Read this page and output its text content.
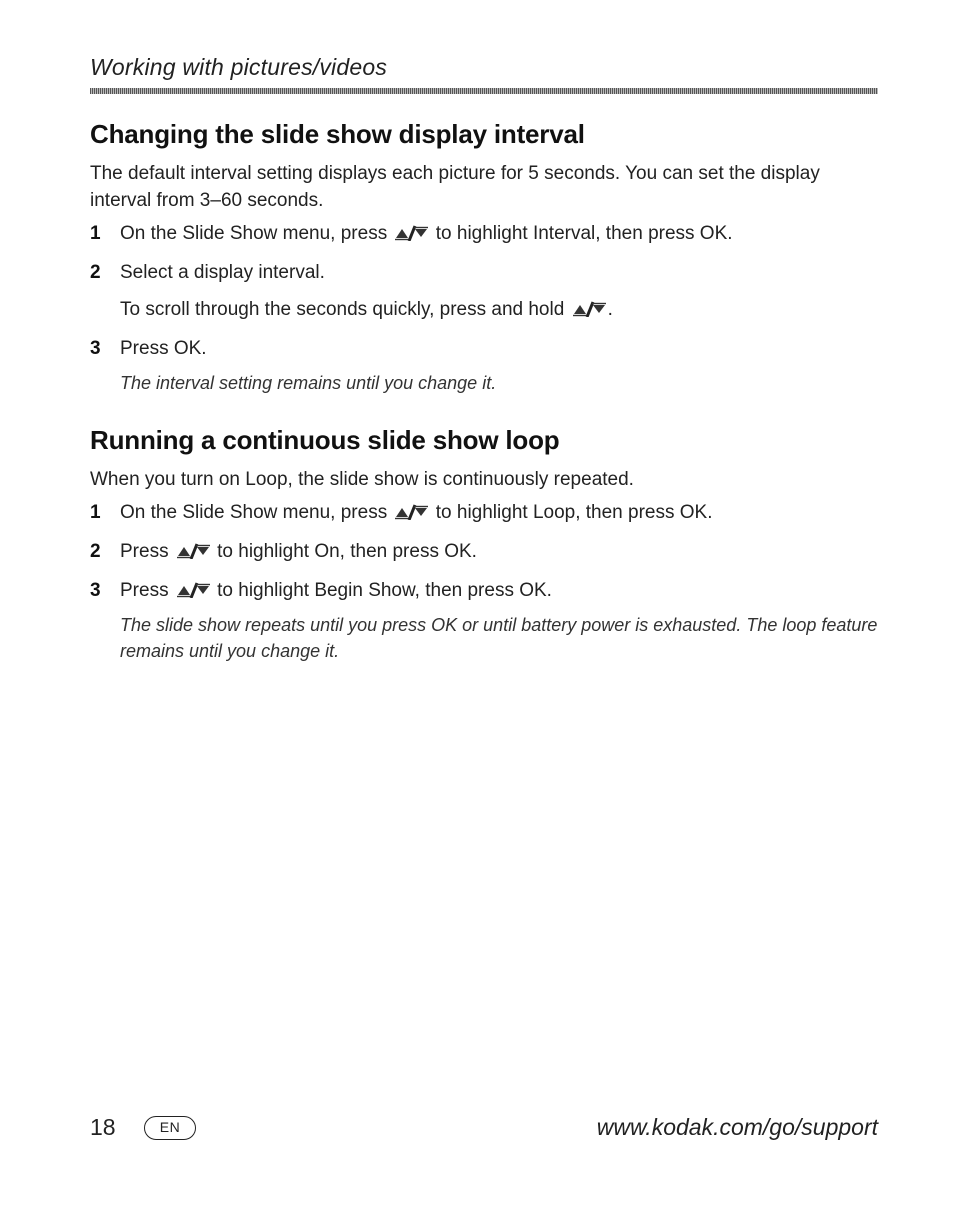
Working with pictures/videos
Changing the slide show display interval

The default interval setting displays each picture for 5 seconds. You can set the display interval from 3–60 seconds.

1 On the Slide Show menu, press	to highlight Interval, then press OK.
2 Select a display interval.
To scroll through the seconds quickly, press and hold .
3 Press OK.

The interval setting remains until you change it.

Running a continuous slide show loop

When you turn on Loop, the slide show is continuously repeated.

1 On the Slide Show menu, press	to highlight Loop, then press OK.
2 Press	to highlight On, then press OK.
3 Press	to highlight Begin Show, then press OK.

The slide show repeats until you press OK or until battery power is exhausted. The loop feature remains until you change it.

18	EN	www.kodak.com/go/support
